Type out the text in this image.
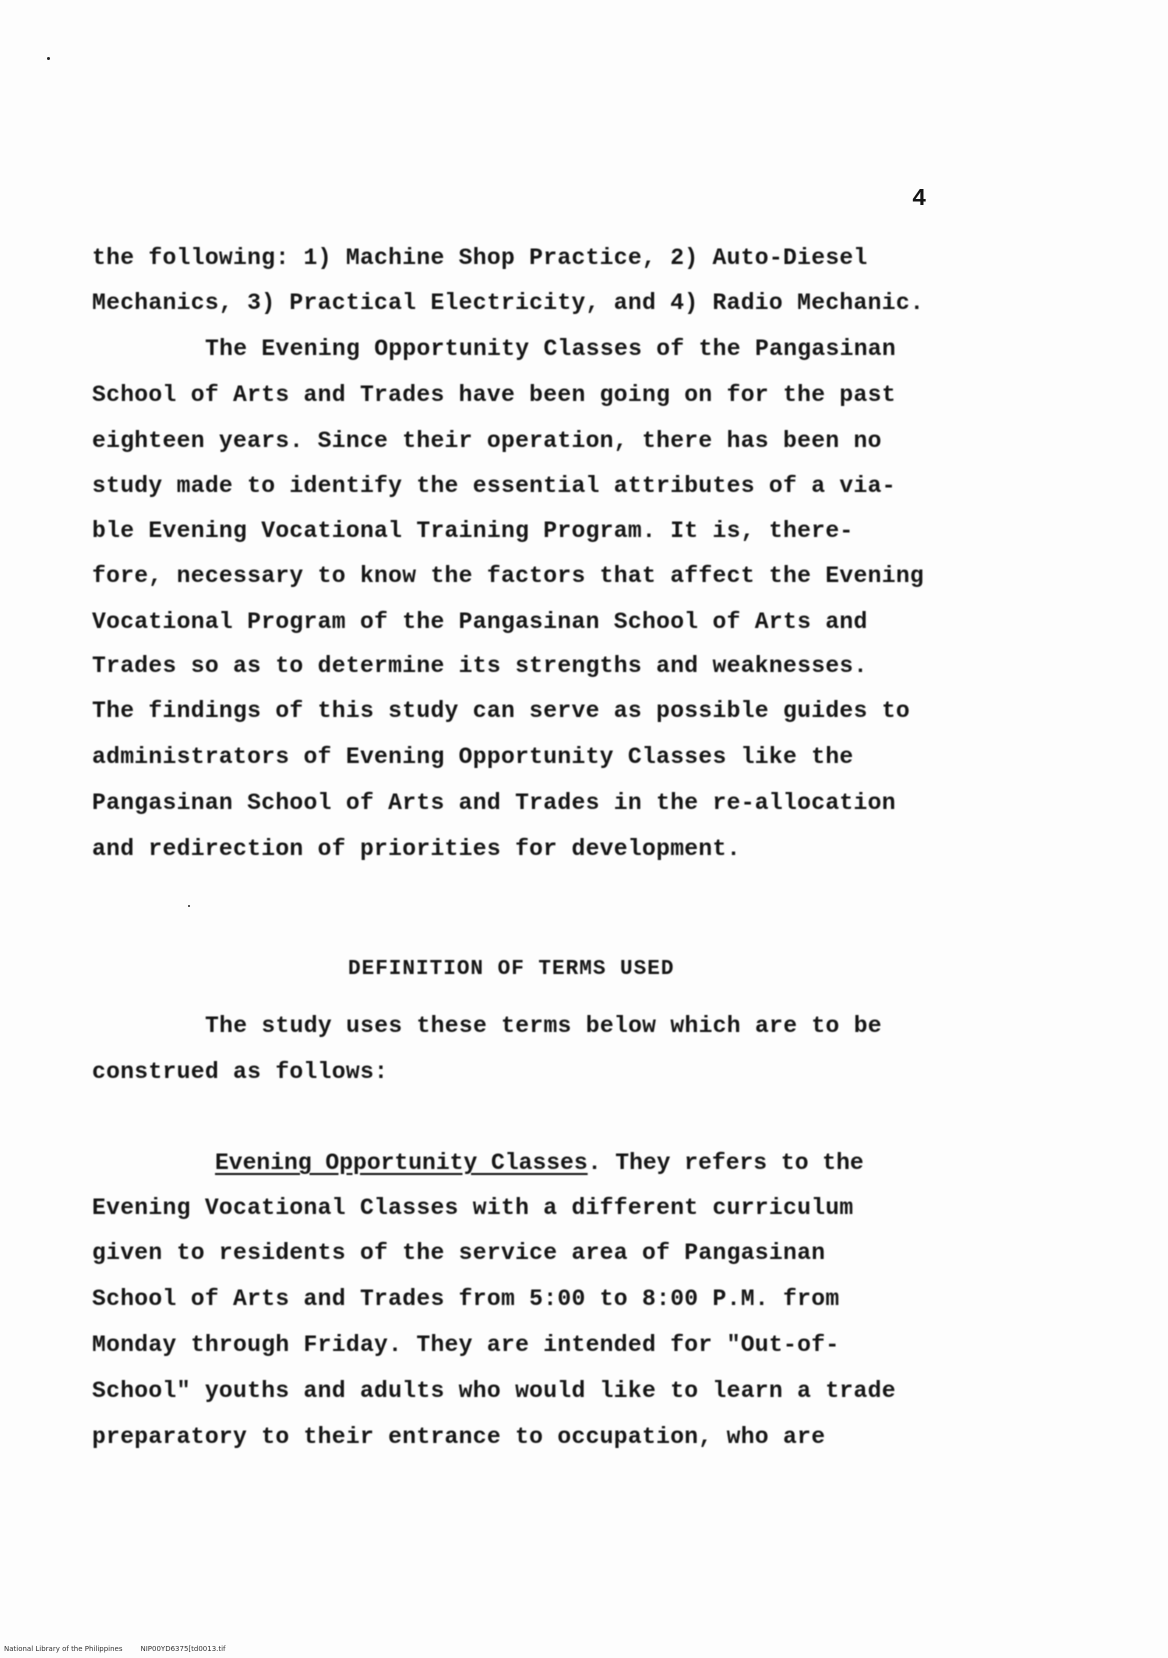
4
the following: 1) Machine Shop Practice, 2) Auto-Diesel
Mechanics, 3) Practical Electricity, and 4) Radio Mechanic.
The Evening Opportunity Classes of the Pangasinan
School of Arts and Trades have been going on for the past
eighteen years. Since their operation, there has been no
study made to identify the essential attributes of a via-
ble Evening Vocational Training Program. It is, there-
fore, necessary to know the factors that affect the Evening
Vocational Program of the Pangasinan School of Arts and
Trades so as to determine its strengths and weaknesses.
The findings of this study can serve as possible guides to
administrators of Evening Opportunity Classes like the
Pangasinan School of Arts and Trades in the re-allocation
and redirection of priorities for development.
DEFINITION OF TERMS USED
The study uses these terms below which are to be
construed as follows:
Evening Opportunity Classes. They refers to the
Evening Vocational Classes with a different curriculum
given to residents of the service area of Pangasinan
School of Arts and Trades from 5:00 to 8:00 P.M. from
Monday through Friday. They are intended for "Out-of-
School" youths and adults who would like to learn a trade
preparatory to their entrance to occupation, who are
National Library of the Philippines	NIP00YD6375[td0013.tif
